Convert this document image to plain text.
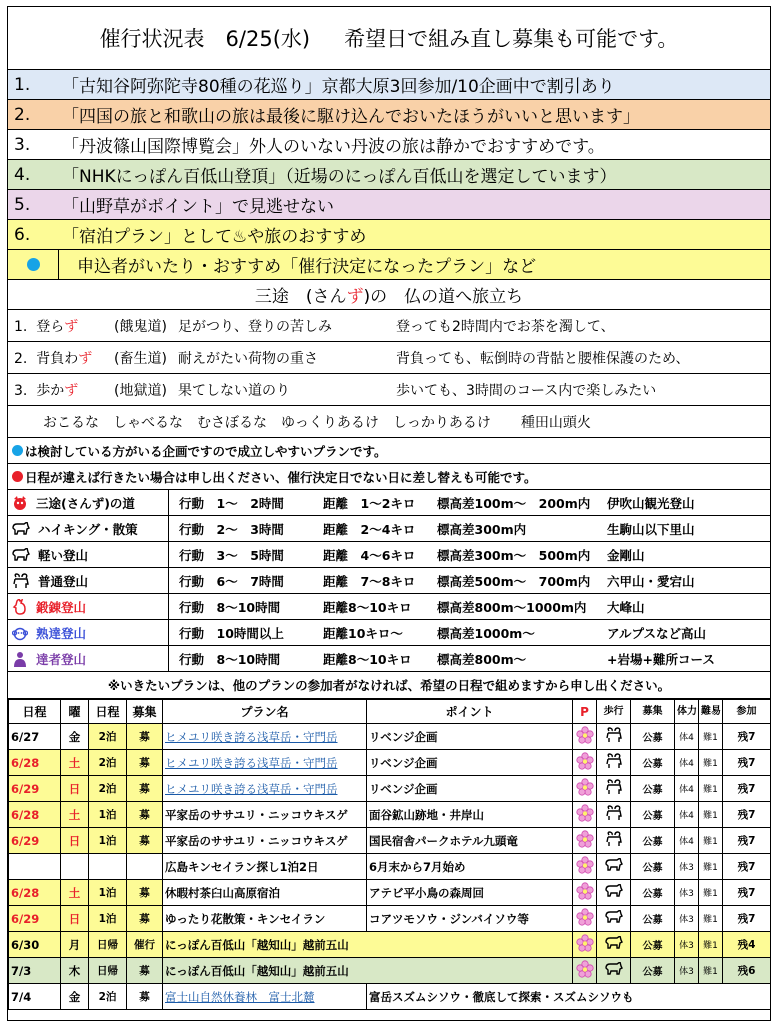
催行状況表　6/25(水) 希望日で組み直し募集も可能です。
1.	「古知谷阿弥陀寺80種の花巡り」京都大原3回参加/10企画中で割引あり
2.	「四国の旅と和歌山の旅は最後に駆け込んでおいたほうがいいと思います」
3.	「丹波篠山国際博覧会」外人のいない丹波の旅は静かでおすすめです。
4.	「NHKにっぽん百低山登頂」（近場のにっぽん百低山を選定しています）
5.	「山野草がポイント」で見逃せない
6.	「宿泊プラン」として♨や旅のおすすめ
申込者がいたり・おすすめ「催行決定になったプラン」など
三途　(さん ず )の　仏の道へ旅立ち
1. 登らず	(餓鬼道) 足がつり、登りの苦しみ	登っても2時間内でお茶を濁して、
2. 背負わず	(畜生道) 耐えがたい荷物の重さ	背負っても、転倒時の背骷と腰椎保護のため、
3. 歩かず	(地獄道) 果てしない道のり	歩いても、3時間のコース内で楽しみたい
おこるな　しゃべるな　むさぼるな　ゆっくりあるけ　しっかりあるけ 種田山頭火
は検討している方がいる企画ですので成立しやすいプランです。
日程が違えば行きたい場合は申し出ください、催行決定日でない日に差し替えも可能です。
三途(さんず)の道	行動　1～　2時間	距離　1～2キロ	標高差100m～　200m内	伊吹山観光登山
ハイキング・散策	行動　2～　3時間	距離　2～4キロ	標高差300m内	生駒山以下里山
軽い登山	行動　3～　5時間	距離　4～6キロ	標高差300m～　500m内	金剛山
普通登山	行動　6～　7時間	距離　7～8キロ	標高差500m～　700m内	六甲山・愛宕山
鍛錬登山	行動　8～10時間	距離8～10キロ	標高差800m～1000m内	大峰山
熟達登山	行動　10時間以上	距離10キロ～	標高差1000m～	アルプスなど高山
達者登山	行動　8～10時間	距離8～10キロ	標高差800m～	+岩場+難所コース
※いきたいプランは、他のプランの参加者がなければ、希望の日程で組めますから申し出ください。
日程	曜	日程	募集	プラン名	ポイント	P	歩行	募集	体力	難易	参加
6/27	金	2泊	募	ヒメユリ咲き誇る浅草岳・守門岳	リベンジ企画			公募	体4	難1	残7
6/28	土	2泊	募	ヒメユリ咲き誇る浅草岳・守門岳	リベンジ企画			公募	体4	難1	残7
6/29	日	2泊	募	ヒメユリ咲き誇る浅草岳・守門岳	リベンジ企画			公募	体4	難1	残7
6/28	土	1泊	募	平家岳のササユリ・ニッコウキスゲ	面谷鉱山跡地・井岸山			公募	体4	難1	残7
6/29	日	1泊	募	平家岳のササユリ・ニッコウキスゲ	国民宿舎パークホテル九頭竜			公募	体4	難1	残7
				広島キンセイラン探し1泊2日	6月末から7月始め			公募	体3	難1	残7
6/28	土	1泊	募	休暇村茶臼山高原宿泊	アテビ平小鳥の森周回			公募	体3	難1	残7
6/29	日	1泊	募	ゆったり花散策・キンセイラン	コアツモソウ・ジンバイソウ等			公募	体3	難1	残7
6/30	月	日帰	催行	にっぽん百低山「越知山」越前五山				公募	体3	難1	残4
7/3	木	日帰	募	にっぽん百低山「越知山」越前五山				公募	体3	難1	残6
7/4	金	2泊	募	富士山自然休養林　富士北麓	富岳スズムシソウ・徹底して探索・スズムシソウも						
